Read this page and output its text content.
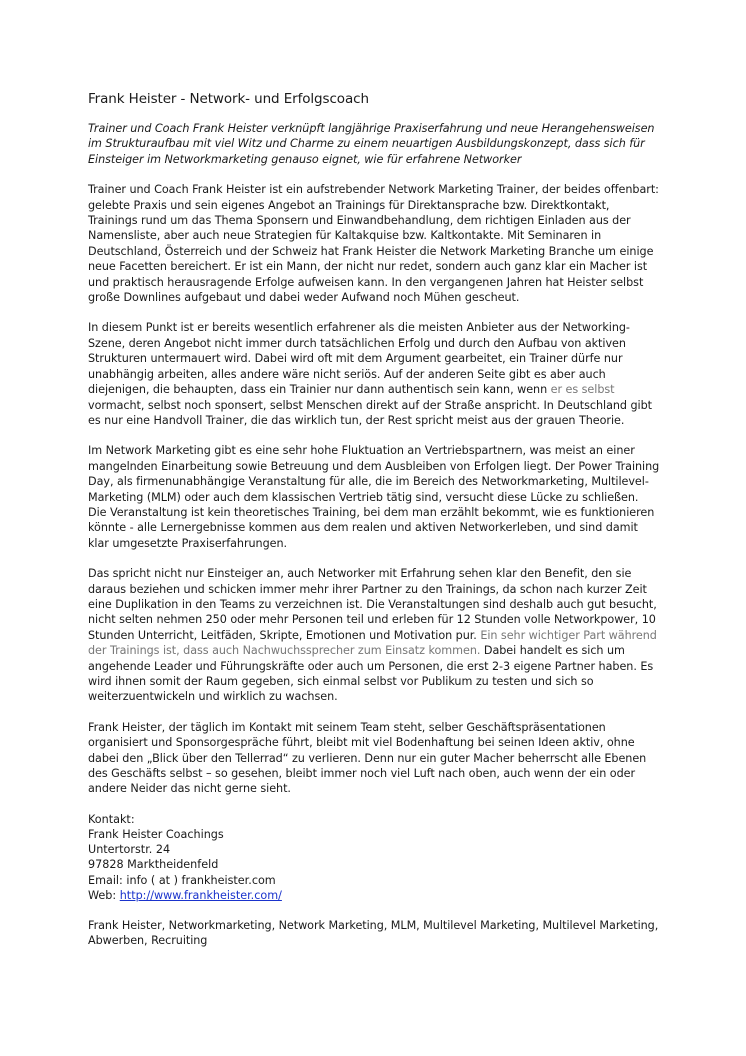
Frank Heister - Network- und Erfolgscoach

Trainer und Coach Frank Heister verknüpft langjährige Praxiserfahrung und neue Herangehensweisen im Strukturaufbau mit viel Witz und Charme zu einem neuartigen Ausbildungskonzept, dass sich für Einsteiger im Networkmarketing genauso eignet, wie für erfahrene Networker

Trainer und Coach Frank Heister ist ein aufstrebender Network Marketing Trainer, der beides offenbart: gelebte Praxis und sein eigenes Angebot an Trainings für Direktansprache bzw. Direktkontakt, Trainings rund um das Thema Sponsern und Einwandbehandlung, dem richtigen Einladen aus der Namensliste, aber auch neue Strategien für Kaltakquise bzw. Kaltkontakte. Mit Seminaren in Deutschland, Österreich und der Schweiz hat Frank Heister die Network Marketing Branche um einige neue Facetten bereichert. Er ist ein Mann, der nicht nur redet, sondern auch ganz klar ein Macher ist und praktisch herausragende Erfolge aufweisen kann. In den vergangenen Jahren hat Heister selbst große Downlines aufgebaut und dabei weder Aufwand noch Mühen gescheut.

In diesem Punkt ist er bereits wesentlich erfahrener als die meisten Anbieter aus der Networking-Szene, deren Angebot nicht immer durch tatsächlichen Erfolg und durch den Aufbau von aktiven Strukturen untermauert wird. Dabei wird oft mit dem Argument gearbeitet, ein Trainer dürfe nur unabhängig arbeiten, alles andere wäre nicht seriös. Auf der anderen Seite gibt es aber auch diejenigen, die behaupten, dass ein Trainier nur dann authentisch sein kann, wenn er es selbst vormacht, selbst noch sponsert, selbst Menschen direkt auf der Straße anspricht. In Deutschland gibt es nur eine Handvoll Trainer, die das wirklich tun, der Rest spricht meist aus der grauen Theorie.

Im Network Marketing gibt es eine sehr hohe Fluktuation an Vertriebspartnern, was meist an einer mangelnden Einarbeitung sowie Betreuung und dem Ausbleiben von Erfolgen liegt. Der Power Training Day, als firmenunabhängige Veranstaltung für alle, die im Bereich des Networkmarketing, Multilevel-Marketing (MLM) oder auch dem klassischen Vertrieb tätig sind, versucht diese Lücke zu schließen. Die Veranstaltung ist kein theoretisches Training, bei dem man erzählt bekommt, wie es funktionieren könnte - alle Lernergebnisse kommen aus dem realen und aktiven Networkerleben, und sind damit klar umgesetzte Praxiserfahrungen.

Das spricht nicht nur Einsteiger an, auch Networker mit Erfahrung sehen klar den Benefit, den sie daraus beziehen und schicken immer mehr ihrer Partner zu den Trainings, da schon nach kurzer Zeit eine Duplikation in den Teams zu verzeichnen ist. Die Veranstaltungen sind deshalb auch gut besucht, nicht selten nehmen 250 oder mehr Personen teil und erleben für 12 Stunden volle Networkpower, 10 Stunden Unterricht, Leitfäden, Skripte, Emotionen und Motivation pur. Ein sehr wichtiger Part während der Trainings ist, dass auch Nachwuchssprecher zum Einsatz kommen. Dabei handelt es sich um angehende Leader und Führungskräfte oder auch um Personen, die erst 2-3 eigene Partner haben. Es wird ihnen somit der Raum gegeben, sich einmal selbst vor Publikum zu testen und sich so weiterzuentwickeln und wirklich zu wachsen.

Frank Heister, der täglich im Kontakt mit seinem Team steht, selber Geschäftspräsentationen organisiert und Sponsorgespräche führt, bleibt mit viel Bodenhaftung bei seinen Ideen aktiv, ohne dabei den „Blick über den Tellerrad“ zu verlieren. Denn nur ein guter Macher beherrscht alle Ebenen des Geschäfts selbst – so gesehen, bleibt immer noch viel Luft nach oben, auch wenn der ein oder andere Neider das nicht gerne sieht.

Kontakt:
Frank Heister Coachings
Untertorstr. 24
97828 Marktheidenfeld
Email: info ( at ) frankheister.com
Web: http://www.frankheister.com/

Frank Heister, Networkmarketing, Network Marketing, MLM, Multilevel Marketing, Multilevel Marketing, Abwerben, Recruiting
